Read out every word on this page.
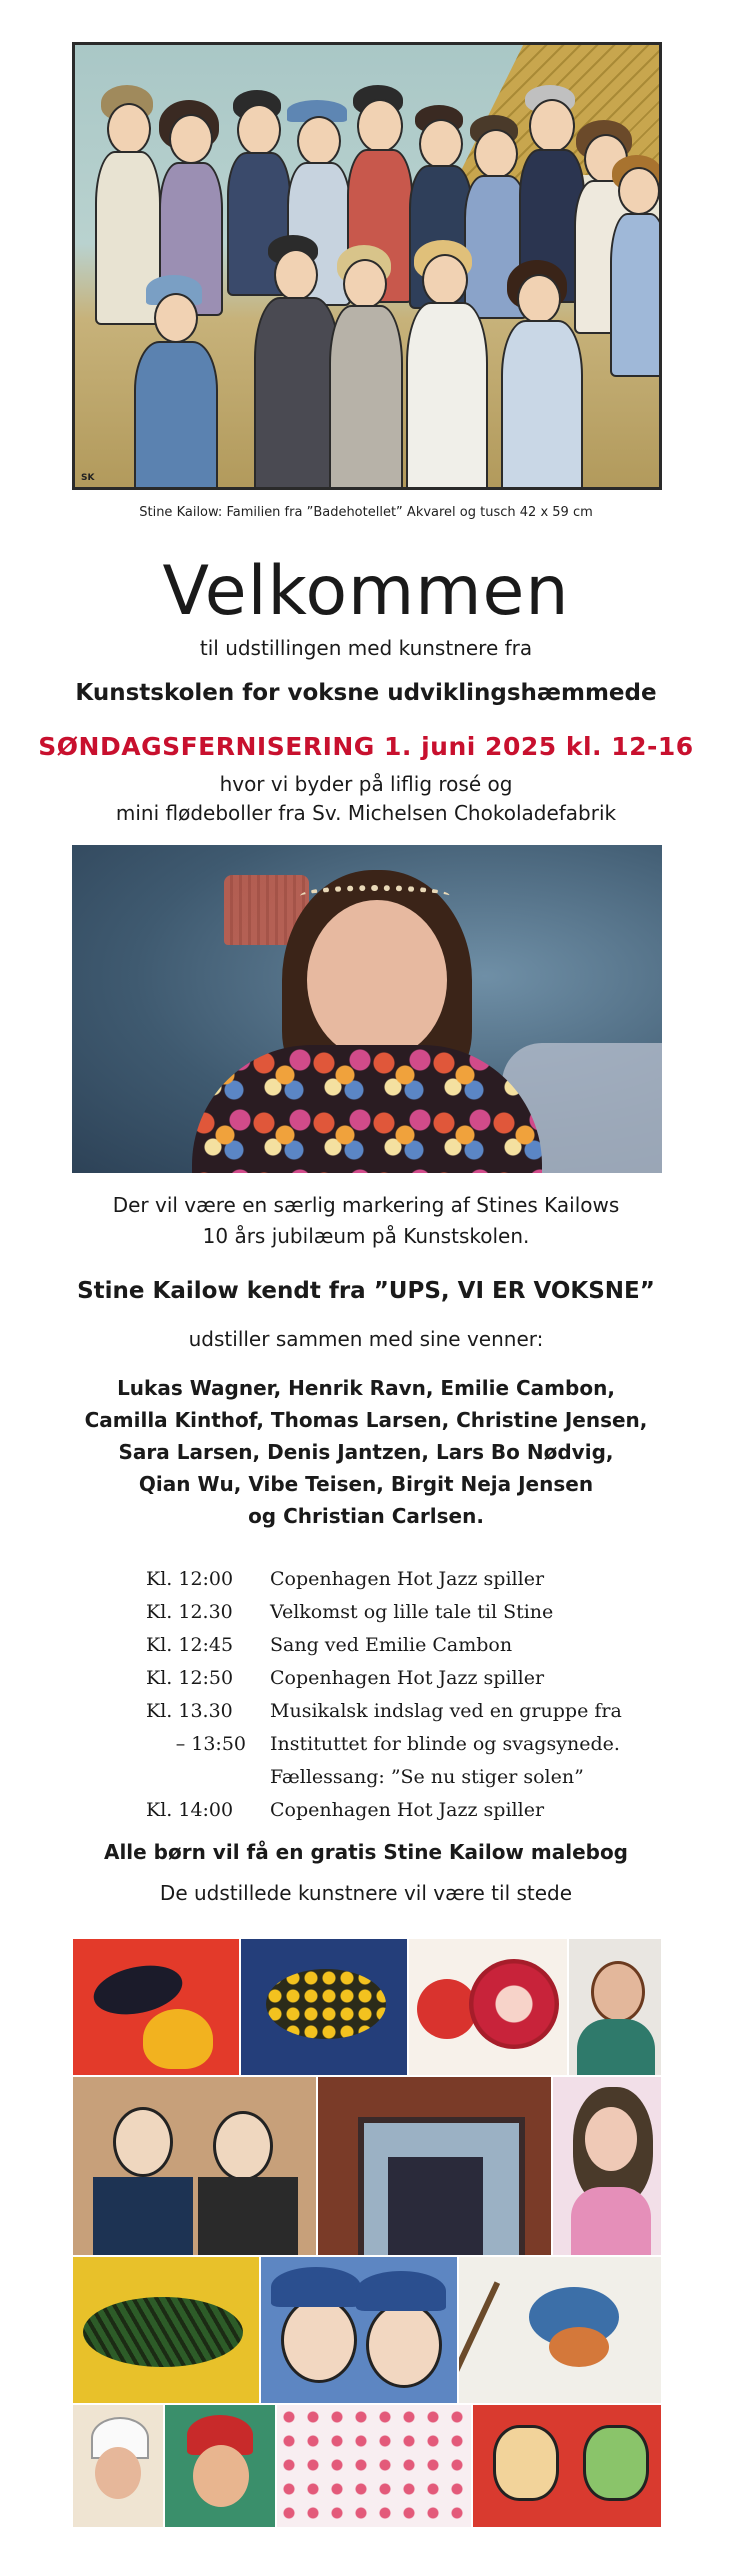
SK
Stine Kailow: Familien fra ”Badehotellet” Akvarel og tusch 42 x 59 cm
Velkommen
til udstillingen med kunstnere fra
Kunstskolen for voksne udviklingshæmmede
SØNDAGSFERNISERING 1. juni 2025 kl. 12-16
hvor vi byder på liflig rosé og
mini flødeboller fra Sv. Michelsen Chokoladefabrik
Der vil være en særlig markering af Stines Kailows
10 års jubilæum på Kunstskolen.
Stine Kailow kendt fra ”UPS, VI ER VOKSNE”
udstiller sammen med sine venner:
Lukas Wagner, Henrik Ravn, Emilie Cambon,
Camilla Kinthof, Thomas Larsen, Christine Jensen,
Sara Larsen, Denis Jantzen, Lars Bo Nødvig,
Qian Wu, Vibe Teisen, Birgit Neja Jensen
og Christian Carlsen.
Kl. 12:00	Copenhagen Hot Jazz spiller
Kl. 12.30	Velkomst og lille tale til Stine
Kl. 12:45	Sang ved Emilie Cambon
Kl. 12:50	Copenhagen Hot Jazz spiller
Kl. 13.30	Musikalsk indslag ved en gruppe fra
– 13:50	Instituttet for blinde og svagsynede.
Fællessang: ”Se nu stiger solen”
Kl. 14:00	Copenhagen Hot Jazz spiller
Alle børn vil få en gratis Stine Kailow malebog
De udstillede kunstnere vil være til stede
